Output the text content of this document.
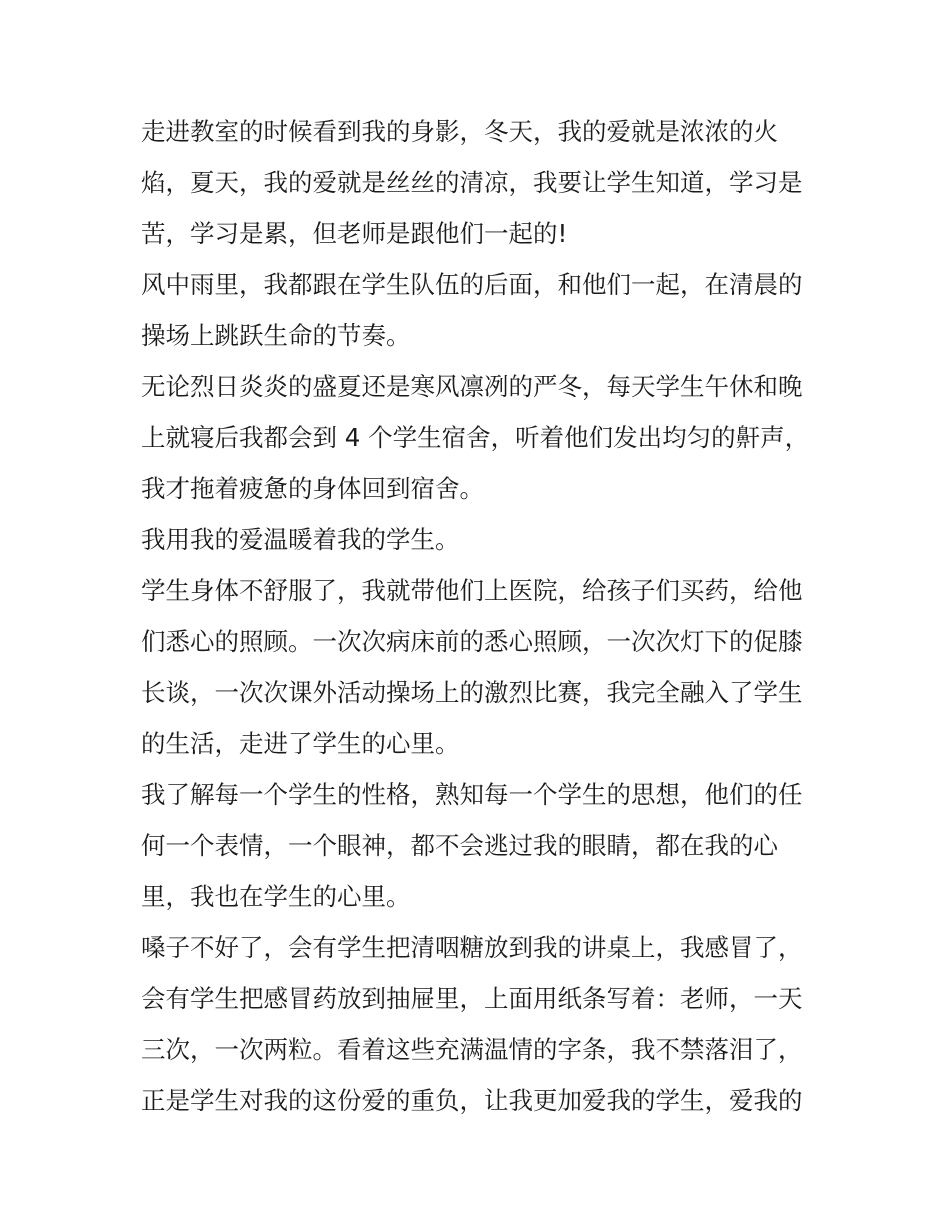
走进教室的时候看到我的身影，冬天，我的爱就是浓浓的火
焰，夏天，我的爱就是丝丝的清凉，我要让学生知道，学习是
苦，学习是累，但老师是跟他们一起的!
风中雨里，我都跟在学生队伍的后面，和他们一起，在清晨的
操场上跳跃生命的节奏。
无论烈日炎炎的盛夏还是寒风凛冽的严冬，每天学生午休和晚
上就寝后我都会到 4 个学生宿舍，听着他们发出均匀的鼾声，
我才拖着疲惫的身体回到宿舍。
我用我的爱温暖着我的学生。
学生身体不舒服了，我就带他们上医院，给孩子们买药，给他
们悉心的照顾。一次次病床前的悉心照顾，一次次灯下的促膝
长谈，一次次课外活动操场上的激烈比赛，我完全融入了学生
的生活，走进了学生的心里。
我了解每一个学生的性格，熟知每一个学生的思想，他们的任
何一个表情，一个眼神，都不会逃过我的眼睛，都在我的心
里，我也在学生的心里。
嗓子不好了，会有学生把清咽糖放到我的讲桌上，我感冒了，
会有学生把感冒药放到抽屉里，上面用纸条写着：老师，一天
三次，一次两粒。看着这些充满温情的字条，我不禁落泪了，
正是学生对我的这份爱的重负，让我更加爱我的学生，爱我的
